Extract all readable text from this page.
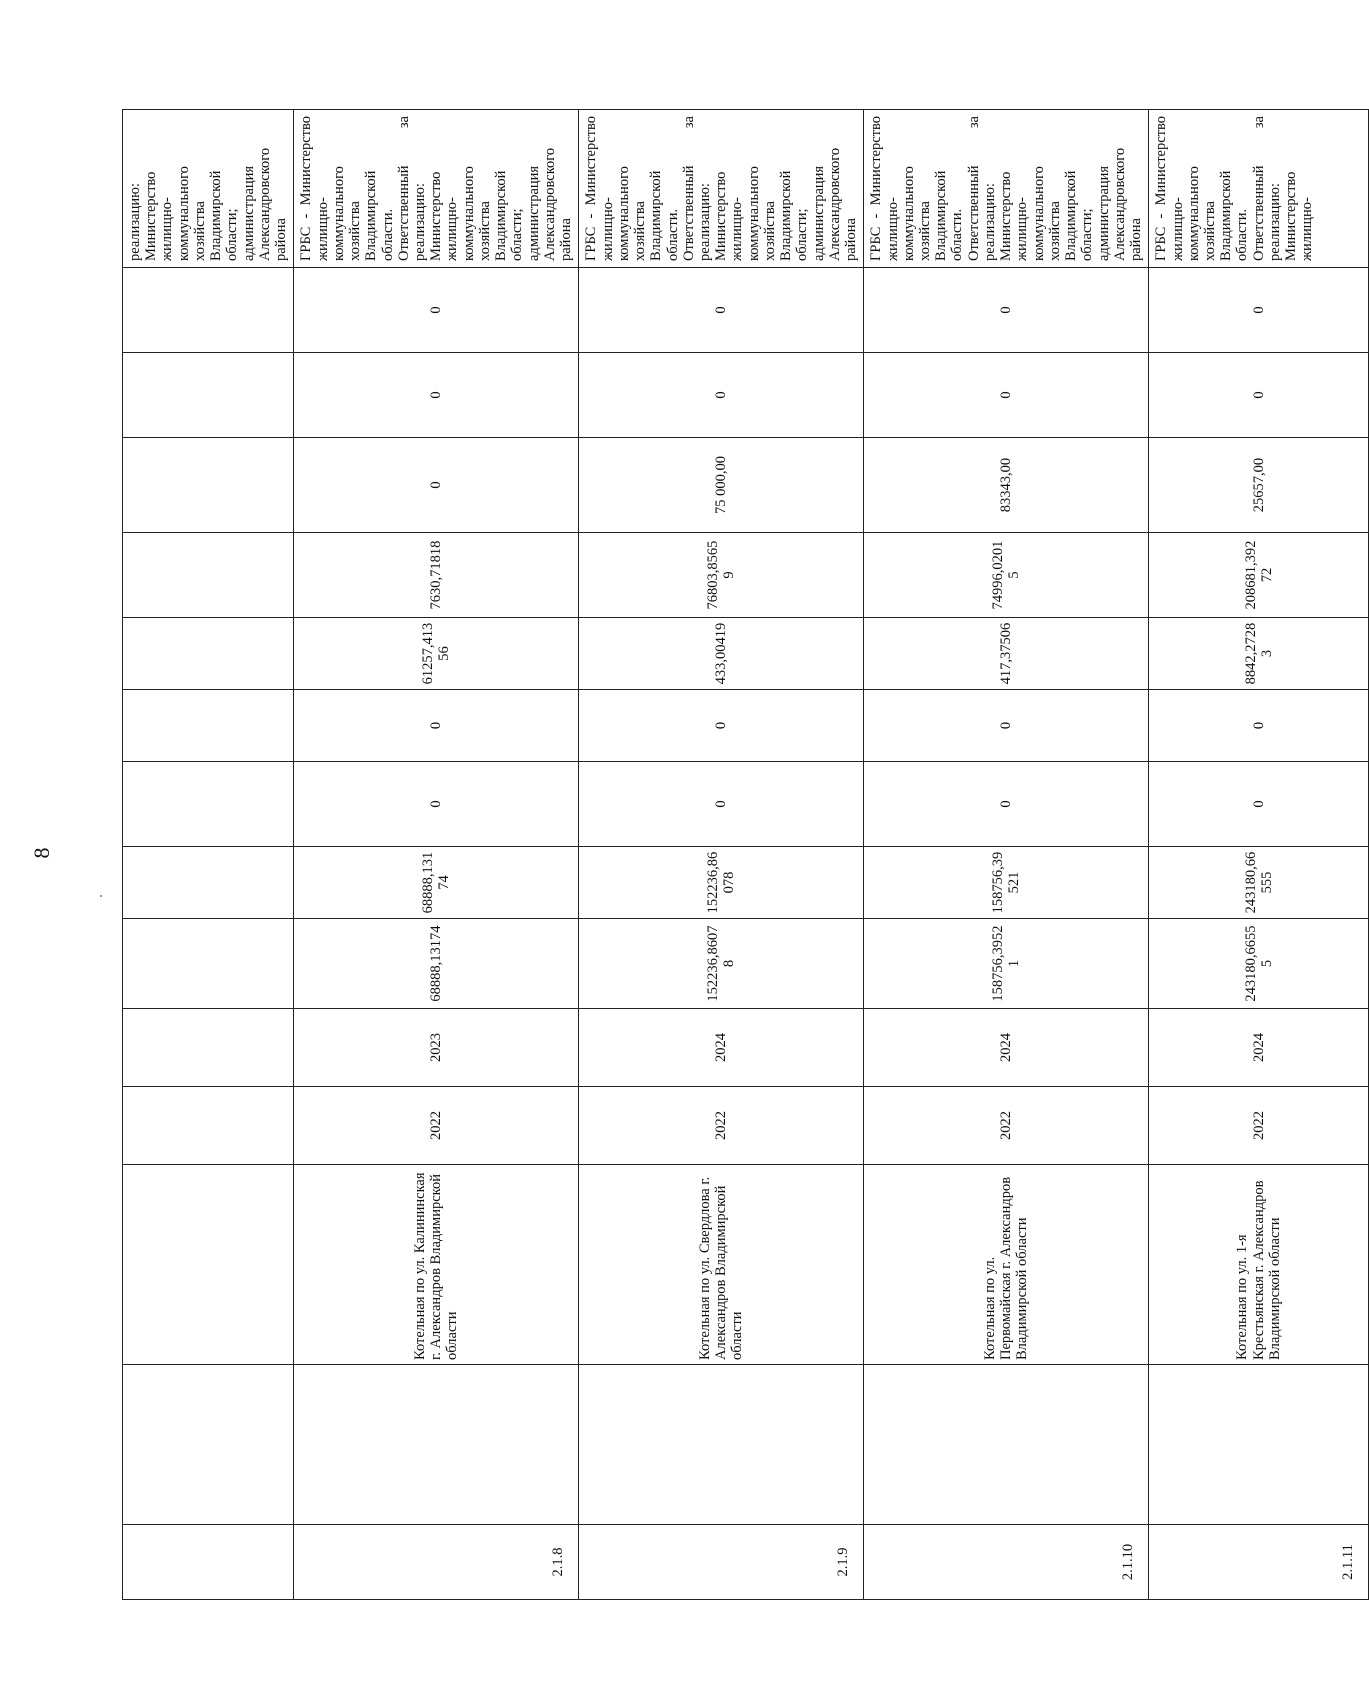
8
														реализацию: Министерство жилищно-коммунального хозяйства Владимирской области; администрация Александровского района
2.1.8		Котельная по ул. Калининская г. Александров Владимирской области	2022	2023	68888,13174	68888,13174	0	0	61257,41356	7630,71818	0	0	0	ГРБС - Министерство жилищно-коммунального хозяйства Владимирской области. Ответственный за реализацию: Министерство жилищно-коммунального хозяйства Владимирской области; администрация Александровского района
2.1.9		Котельная по ул. Свердлова г. Александров Владимирской области	2022	2024	152236,86078	152236,86078	0	0	433,00419	76803,85659	75 000,00	0	0	ГРБС - Министерство жилищно-коммунального хозяйства Владимирской области. Ответственный за реализацию: Министерство жилищно-коммунального хозяйства Владимирской области; администрация Александровского района
2.1.10		Котельная по ул. Первомайская г. Александров Владимирской области	2022	2024	158756,39521	158756,39521	0	0	417,37506	74996,02015	83343,00	0	0	ГРБС - Министерство жилищно-коммунального хозяйства Владимирской области. Ответственный за реализацию: Министерство жилищно-коммунального хозяйства Владимирской области; администрация Александровского района
2.1.11		Котельная по ул. 1-я Крестьянская г. Александров Владимирской области	2022	2024	243180,66555	243180,66555	0	0	8842,27283	208681,39272	25657,00	0	0	ГРБС - Министерство жилищно-коммунального хозяйства Владимирской области. Ответственный за реализацию: Министерство жилищно-
